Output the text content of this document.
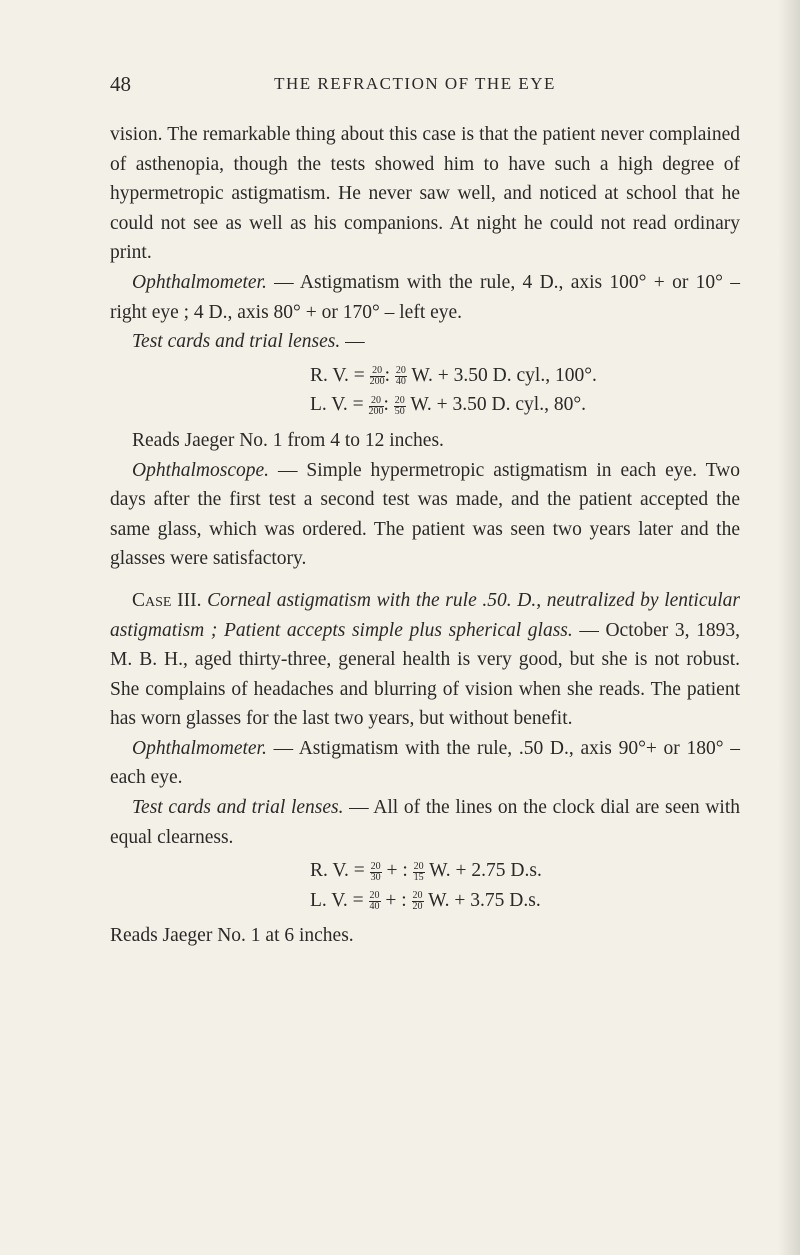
48	THE REFRACTION OF THE EYE

vision. The remarkable thing about this case is that the patient never complained of asthenopia, though the tests showed him to have such a high degree of hypermetropic astigmatism. He never saw well, and noticed at school that he could not see as well as his companions. At night he could not read ordinary print.

Ophthalmometer. — Astigmatism with the rule, 4 D., axis 100° + or 10° – right eye ; 4 D., axis 80° + or 170° – left eye.

Test cards and trial lenses. —

R. V. = $\frac{20}{200}$ : $\frac{20}{40} W$. + 3.50 D. cyl., 100°.
L. V. = $\frac{20}{200}$ : $\frac{20}{50} W$. + 3.50 D. cyl., 80°.

Reads Jaeger No. 1 from 4 to 12 inches.

Ophthalmoscope. — Simple hypermetropic astigmatism in each eye. Two days after the first test a second test was made, and the patient accepted the same glass, which was ordered. The patient was seen two years later and the glasses were satisfactory.

Case III. Corneal astigmatism with the rule .50. D., neutralized by lenticular astigmatism ; Patient accepts simple plus spherical glass. — October 3, 1893, M. B. H., aged thirty-three, general health is very good, but she is not robust. She complains of headaches and blurring of vision when she reads. The patient has worn glasses for the last two years, but without benefit.

Ophthalmometer. — Astigmatism with the rule, .50 D., axis 90°+ or 180° – each eye.

Test cards and trial lenses. — All of the lines on the clock dial are seen with equal clearness.

R. V. = $\frac{20}{30}$ + : $\frac{20}{15} W$. + 2.75 D.s.
L. V. = $\frac{20}{40}$ + : $\frac{20}{20} W$. + 3.75 D.s.

Reads Jaeger No. 1 at 6 inches.
